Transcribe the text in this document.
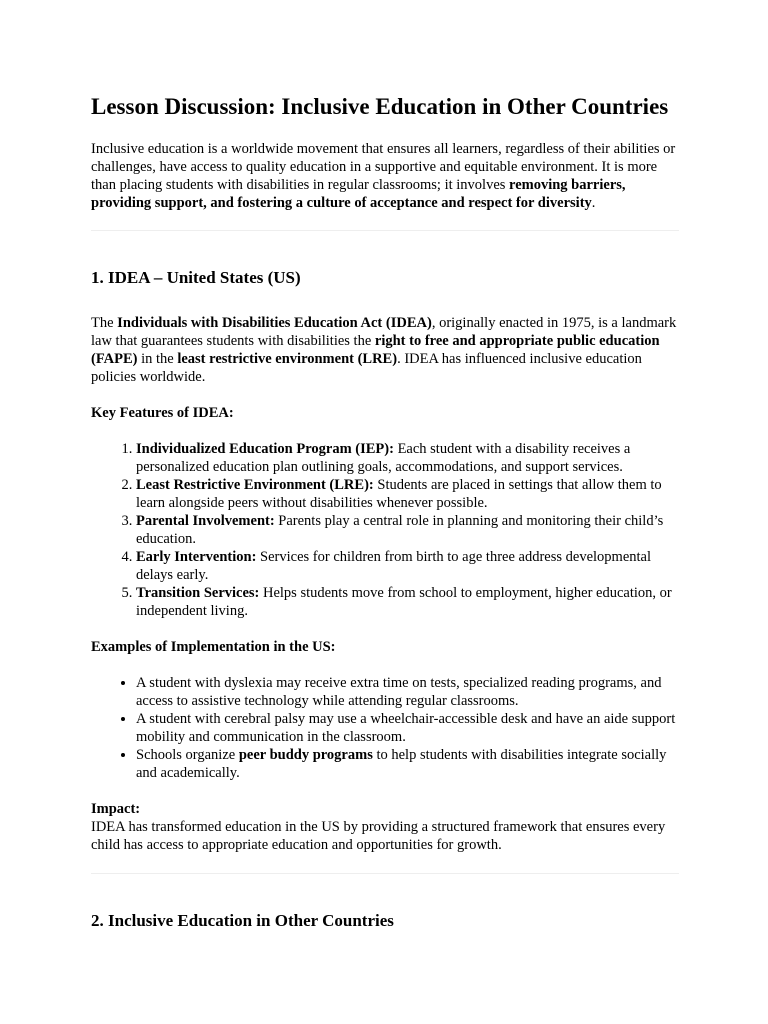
Lesson Discussion: Inclusive Education in Other Countries

Inclusive education is a worldwide movement that ensures all learners, regardless of their abilities or challenges, have access to quality education in a supportive and equitable environment. It is more than placing students with disabilities in regular classrooms; it involves removing barriers, providing support, and fostering a culture of acceptance and respect for diversity.

1. IDEA – United States (US)

The Individuals with Disabilities Education Act (IDEA), originally enacted in 1975, is a landmark law that guarantees students with disabilities the right to free and appropriate public education (FAPE) in the least restrictive environment (LRE). IDEA has influenced inclusive education policies worldwide.

Key Features of IDEA:

1. Individualized Education Program (IEP): Each student with a disability receives a personalized education plan outlining goals, accommodations, and support services.
2. Least Restrictive Environment (LRE): Students are placed in settings that allow them to learn alongside peers without disabilities whenever possible.
3. Parental Involvement: Parents play a central role in planning and monitoring their child’s education.
4. Early Intervention: Services for children from birth to age three address developmental delays early.
5. Transition Services: Helps students move from school to employment, higher education, or independent living.

Examples of Implementation in the US:

• A student with dyslexia may receive extra time on tests, specialized reading programs, and access to assistive technology while attending regular classrooms.
• A student with cerebral palsy may use a wheelchair-accessible desk and have an aide support mobility and communication in the classroom.
• Schools organize peer buddy programs to help students with disabilities integrate socially and academically.

Impact:

IDEA has transformed education in the US by providing a structured framework that ensures every child has access to appropriate education and opportunities for growth.

2. Inclusive Education in Other Countries
